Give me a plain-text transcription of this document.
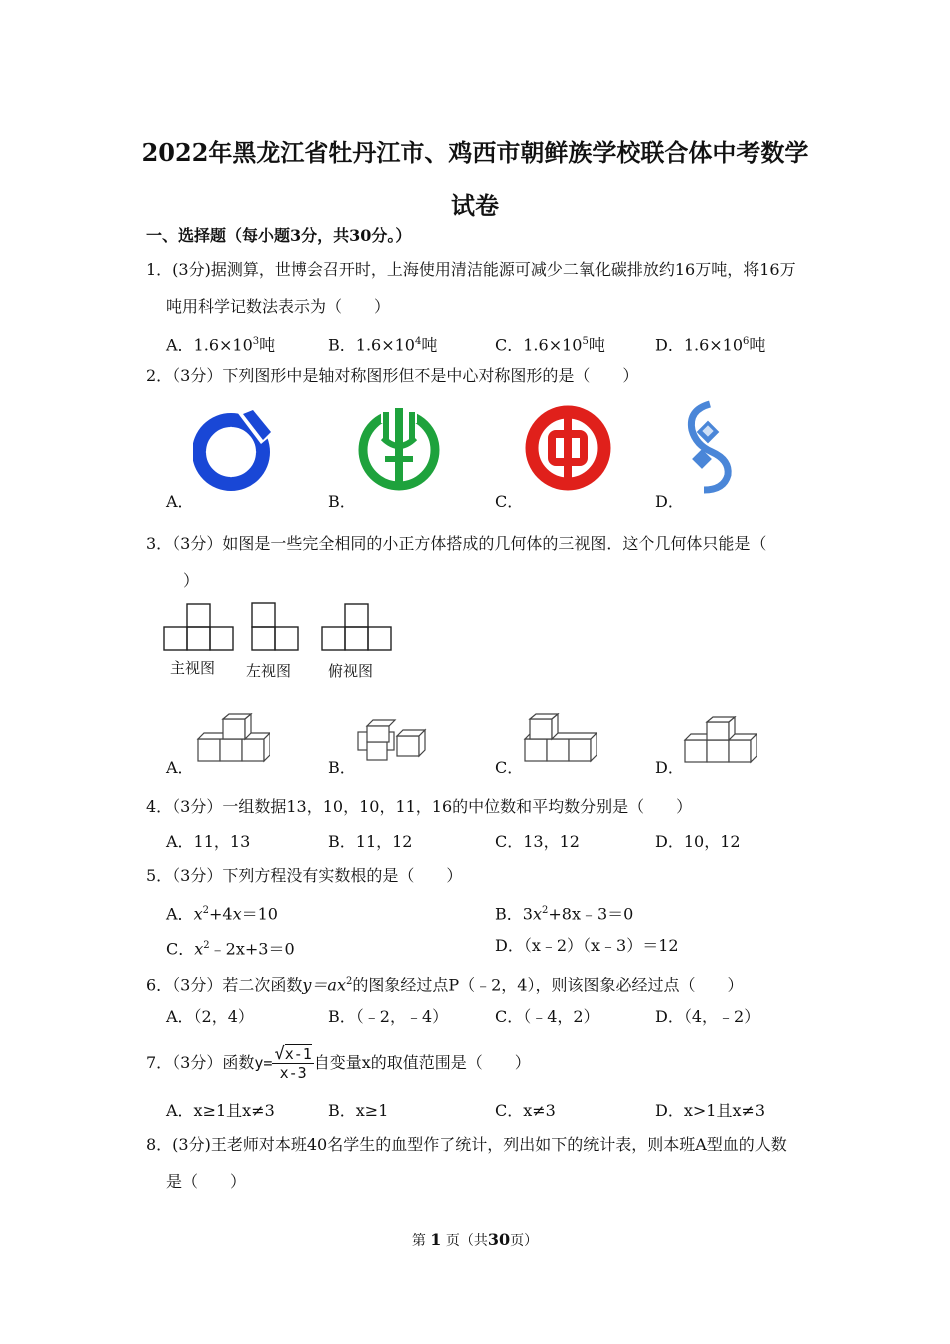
2022年黑龙江省牡丹江市、鸡西市朝鲜族学校联合体中考数学
试卷
一、选择题（每小题3分，共30分。）
1．(3分)据测算，世博会召开时，上海使用清洁能源可减少二氧化碳排放约16万吨，将16万
吨用科学记数法表示为（　　）
A．$1.6\times 10^3$吨	B．$1.6\times 10^4$吨	C．$1.6\times 10^5$吨	D．$1.6\times 10^6$吨
2．（3分）下列图形中是轴对称图形但不是中心对称图形的是（　　）
A．	B．	C．	D．
3．（3分）如图是一些完全相同的小正方体搭成的几何体的三视图．这个几何体只能是（
）
主视图 左视图 俯视图
A．	B．	C．	D．
4．（3分）一组数据13，10，10，11，16的中位数和平均数分别是（　　）
A．11，13	B．11，12	C．13，12	D．10，12
5．（3分）下列方程没有实数根的是（　　）
A．$x^2+4x=10$	B．$3x^2+8x﹣3=0$
C．$x^2﹣2x+3=0$	D．（x﹣2）（x﹣3）＝12
6．（3分）若二次函数$y=ax^2$的图象经过点P（﹣2，4），则该图象必经过点（　　）
A．（2，4）	B．（﹣2，﹣4）	C．（﹣4，2）	D．（4，﹣2）
7．（3分）函数$y= \frac{√x-1}{x-3}$ 自变量x的取值范围是（　　）
A．x≥1且x≠3	B．x≥1	C．x≠3	D．x>1且x≠3
8．(3分)王老师对本班40名学生的血型作了统计，列出如下的统计表，则本班A型血的人数
是（　　）
第 1 页（共30页）
